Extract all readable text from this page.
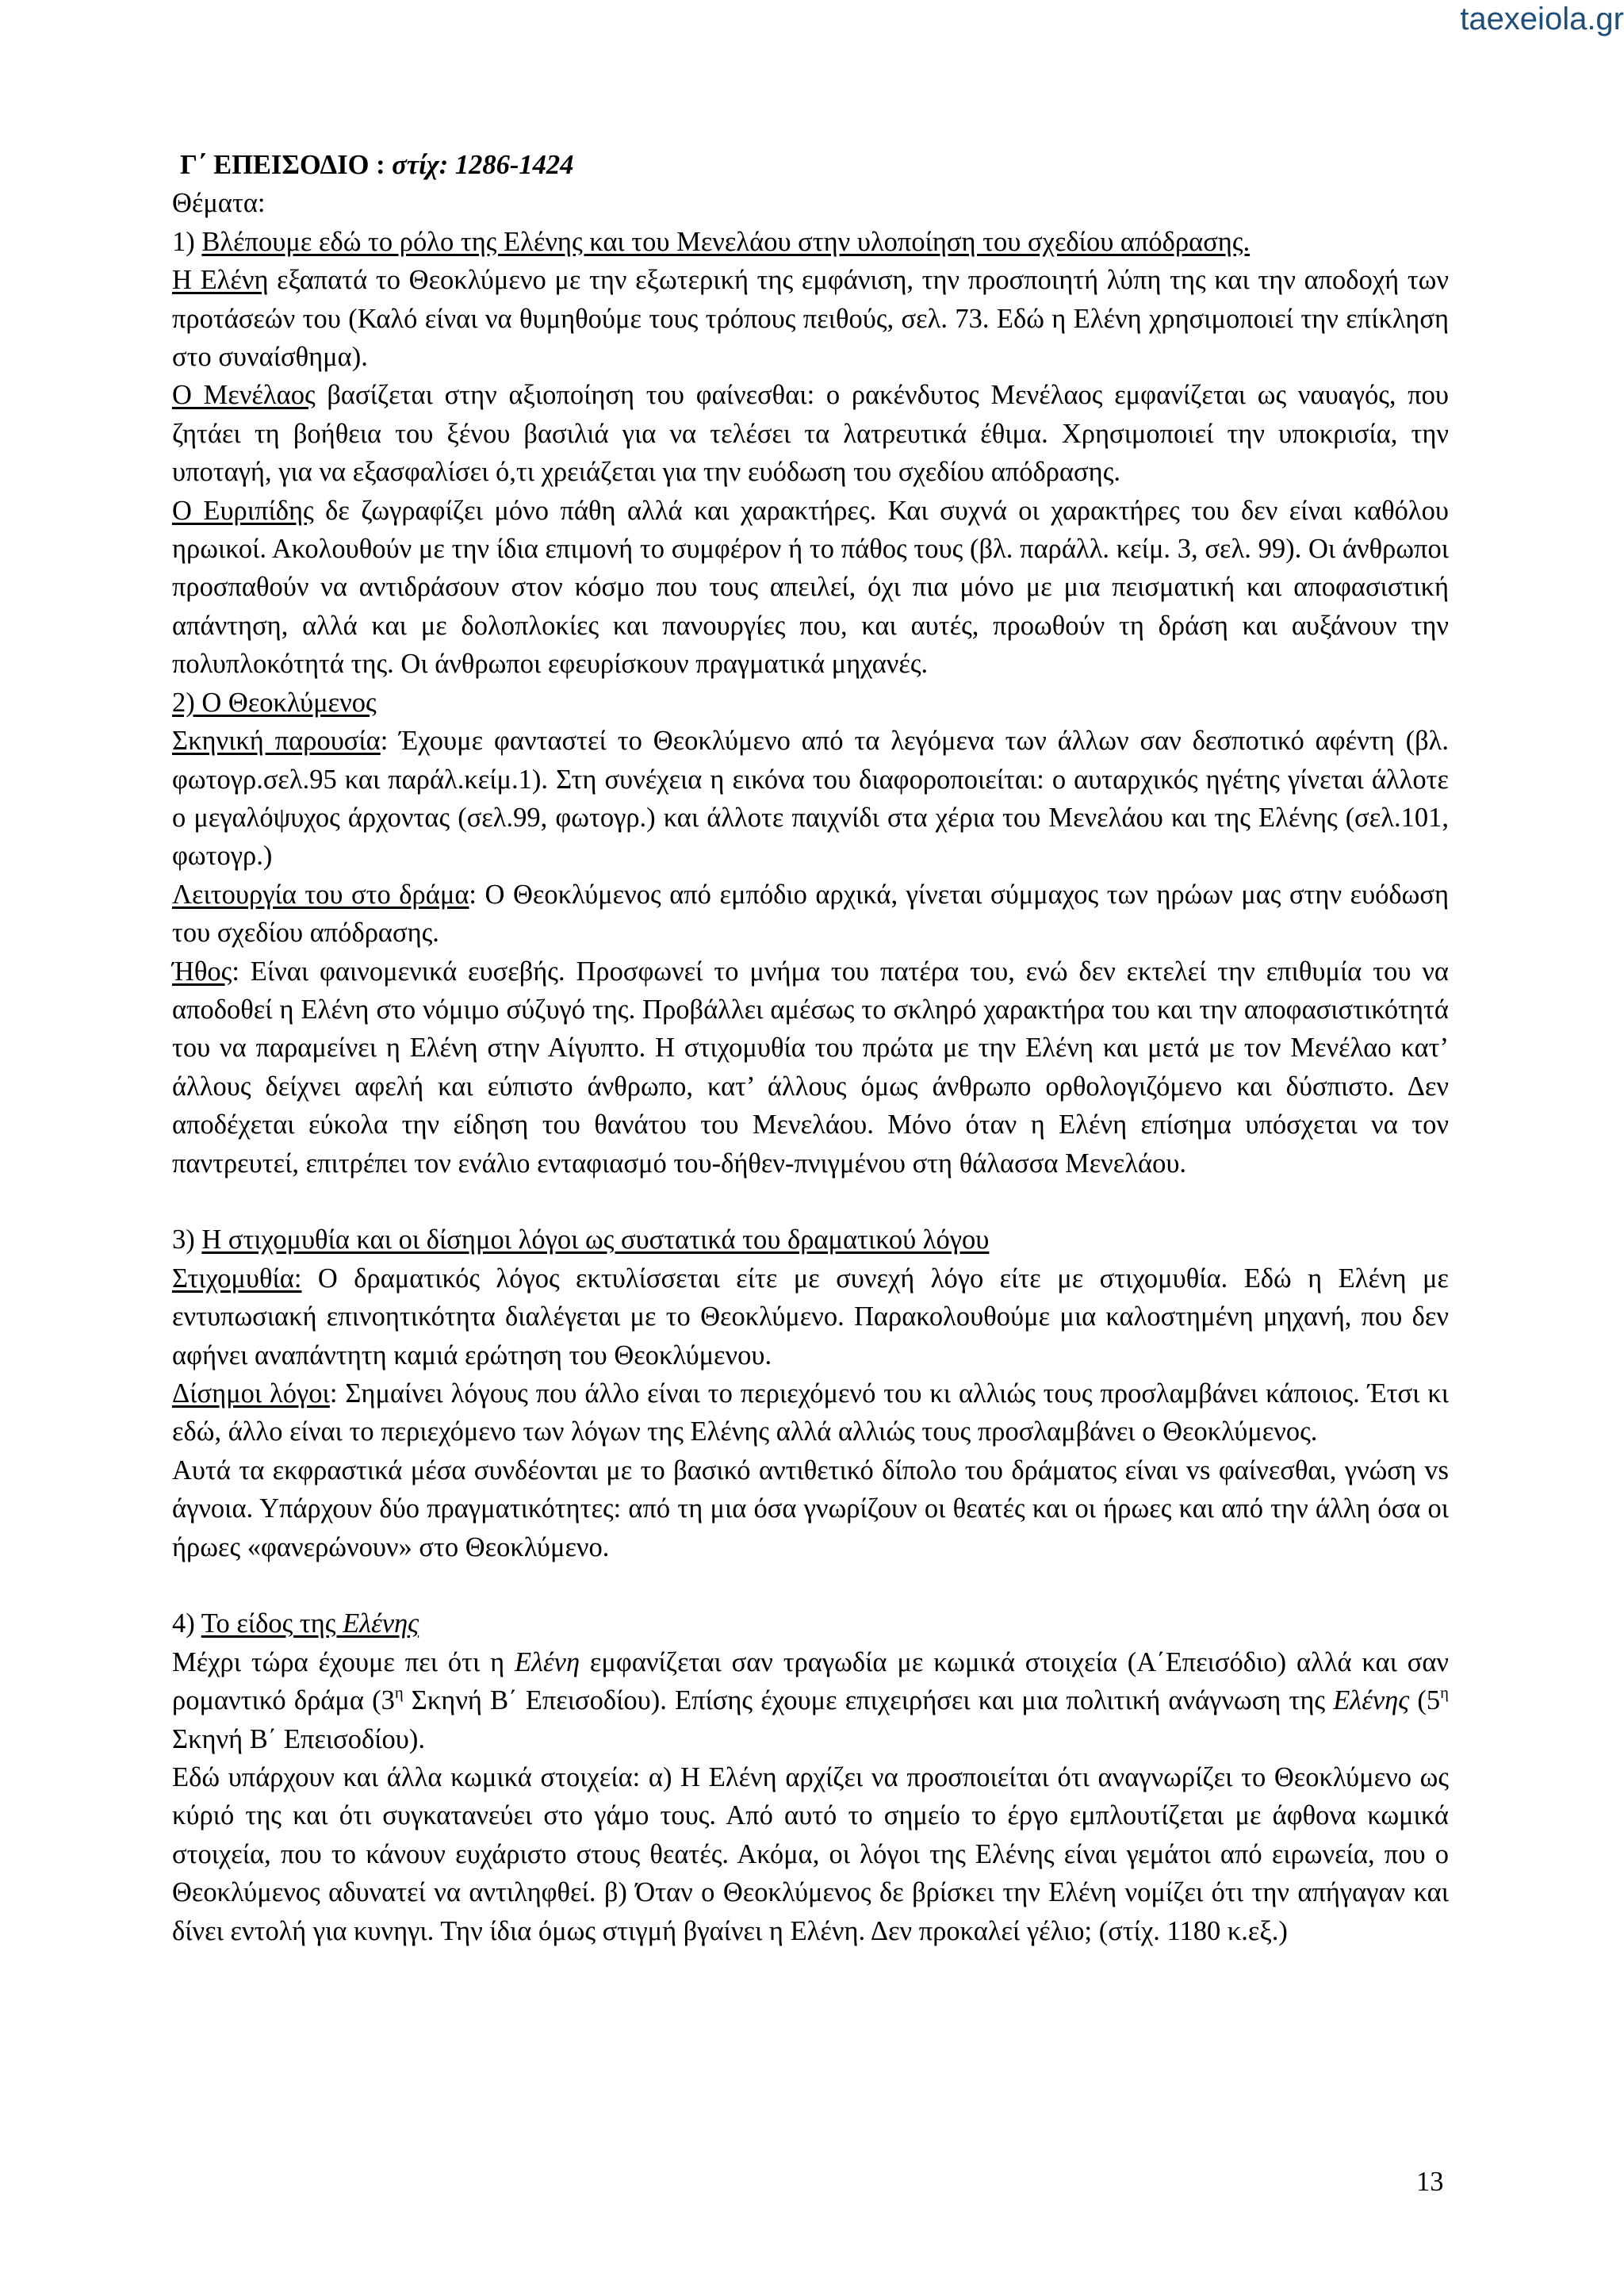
taexeiola.gr

Γ΄ ΕΠΕΙΣΟΔΙΟ : στίχ: 1286-1424

Θέματα:

1) Βλέπουμε εδώ το ρόλο της Ελένης και του Μενελάου στην υλοποίηση του σχεδίου απόδρασης.

Η Ελένη εξαπατά το Θεοκλύμενο με την εξωτερική της εμφάνιση, την προσποιητή λύπη της και την αποδοχή των προτάσεών του (Καλό είναι να θυμηθούμε τους τρόπους πειθούς, σελ. 73. Εδώ η Ελένη χρησιμοποιεί την επίκληση στο συναίσθημα).

Ο Μενέλαος βασίζεται στην αξιοποίηση του φαίνεσθαι: ο ρακένδυτος Μενέλαος εμφανίζεται ως ναυαγός, που ζητάει τη βοήθεια του ξένου βασιλιά για να τελέσει τα λατρευτικά έθιμα. Χρησιμοποιεί την υποκρισία, την υποταγή, για να εξασφαλίσει ό,τι χρειάζεται για την ευόδωση του σχεδίου απόδρασης.

Ο Ευριπίδης δε ζωγραφίζει μόνο πάθη αλλά και χαρακτήρες. Και συχνά οι χαρακτήρες του δεν είναι καθόλου ηρωικοί. Ακολουθούν με την ίδια επιμονή το συμφέρον ή το πάθος τους (βλ. παράλλ. κείμ. 3, σελ. 99). Οι άνθρωποι προσπαθούν να αντιδράσουν στον κόσμο που τους απειλεί, όχι πια μόνο με μια πεισματική και αποφασιστική απάντηση, αλλά και με δολοπλοκίες και πανουργίες που, και αυτές, προωθούν τη δράση και αυξάνουν την πολυπλοκότητά της. Οι άνθρωποι εφευρίσκουν πραγματικά μηχανές.

2) Ο Θεοκλύμενος

Σκηνική παρουσία: Έχουμε φανταστεί το Θεοκλύμενο από τα λεγόμενα των άλλων σαν δεσποτικό αφέντη (βλ. φωτογρ.σελ.95 και παράλ.κείμ.1). Στη συνέχεια η εικόνα του διαφοροποιείται: ο αυταρχικός ηγέτης γίνεται άλλοτε ο μεγαλόψυχος άρχοντας (σελ.99, φωτογρ.) και άλλοτε παιχνίδι στα χέρια του Μενελάου και της Ελένης (σελ.101, φωτογρ.)

Λειτουργία του στο δράμα: Ο Θεοκλύμενος από εμπόδιο αρχικά, γίνεται σύμμαχος των ηρώων μας στην ευόδωση του σχεδίου απόδρασης.

Ήθος: Είναι φαινομενικά ευσεβής. Προσφωνεί το μνήμα του πατέρα του, ενώ δεν εκτελεί την επιθυμία του να αποδοθεί η Ελένη στο νόμιμο σύζυγό της. Προβάλλει αμέσως το σκληρό χαρακτήρα του και την αποφασιστικότητά του να παραμείνει η Ελένη στην Αίγυπτο. Η στιχομυθία του πρώτα με την Ελένη και μετά με τον Μενέλαο κατ’ άλλους δείχνει αφελή και εύπιστο άνθρωπο, κατ’ άλλους όμως άνθρωπο ορθολογιζόμενο και δύσπιστο. Δεν αποδέχεται εύκολα την είδηση του θανάτου του Μενελάου. Μόνο όταν η Ελένη επίσημα υπόσχεται να τον παντρευτεί, επιτρέπει τον ενάλιο ενταφιασμό του-δήθεν-πνιγμένου στη θάλασσα Μενελάου.

3) Η στιχομυθία και οι δίσημοι λόγοι ως συστατικά του δραματικού λόγου

Στιχομυθία: Ο δραματικός λόγος εκτυλίσσεται είτε με συνεχή λόγο είτε με στιχομυθία. Εδώ η Ελένη με εντυπωσιακή επινοητικότητα διαλέγεται με το Θεοκλύμενο. Παρακολουθούμε μια καλοστημένη μηχανή, που δεν αφήνει αναπάντητη καμιά ερώτηση του Θεοκλύμενου.

Δίσημοι λόγοι: Σημαίνει λόγους που άλλο είναι το περιεχόμενό του κι αλλιώς τους προσλαμβάνει κάποιος. Έτσι κι εδώ, άλλο είναι το περιεχόμενο των λόγων της Ελένης αλλά αλλιώς τους προσλαμβάνει ο Θεοκλύμενος.

Αυτά τα εκφραστικά μέσα συνδέονται με το βασικό αντιθετικό δίπολο του δράματος είναι vs φαίνεσθαι, γνώση vs άγνοια. Υπάρχουν δύο πραγματικότητες: από τη μια όσα γνωρίζουν οι θεατές και οι ήρωες και από την άλλη όσα οι ήρωες «φανερώνουν» στο Θεοκλύμενο.

4) Το είδος της Ελένης

Μέχρι τώρα έχουμε πει ότι η Ελένη εμφανίζεται σαν τραγωδία με κωμικά στοιχεία (Α΄Επεισόδιο) αλλά και σαν ρομαντικό δράμα ($3^\eta$ Σκηνή Β΄ Επεισοδίου). Επίσης έχουμε επιχειρήσει και μια πολιτική ανάγνωση της Ελένης ($5^\eta$ Σκηνή Β΄ Επεισοδίου).

Εδώ υπάρχουν και άλλα κωμικά στοιχεία: α) Η Ελένη αρχίζει να προσποιείται ότι αναγνωρίζει το Θεοκλύμενο ως κύριό της και ότι συγκατανεύει στο γάμο τους. Από αυτό το σημείο το έργο εμπλουτίζεται με άφθονα κωμικά στοιχεία, που το κάνουν ευχάριστο στους θεατές. Ακόμα, οι λόγοι της Ελένης είναι γεμάτοι από ειρωνεία, που ο Θεοκλύμενος αδυνατεί να αντιληφθεί. β) Όταν ο Θεοκλύμενος δε βρίσκει την Ελένη νομίζει ότι την απήγαγαν και δίνει εντολή για κυνηγι. Την ίδια όμως στιγμή βγαίνει η Ελένη. Δεν προκαλεί γέλιο; (στίχ. 1180 κ.εξ.)

13
